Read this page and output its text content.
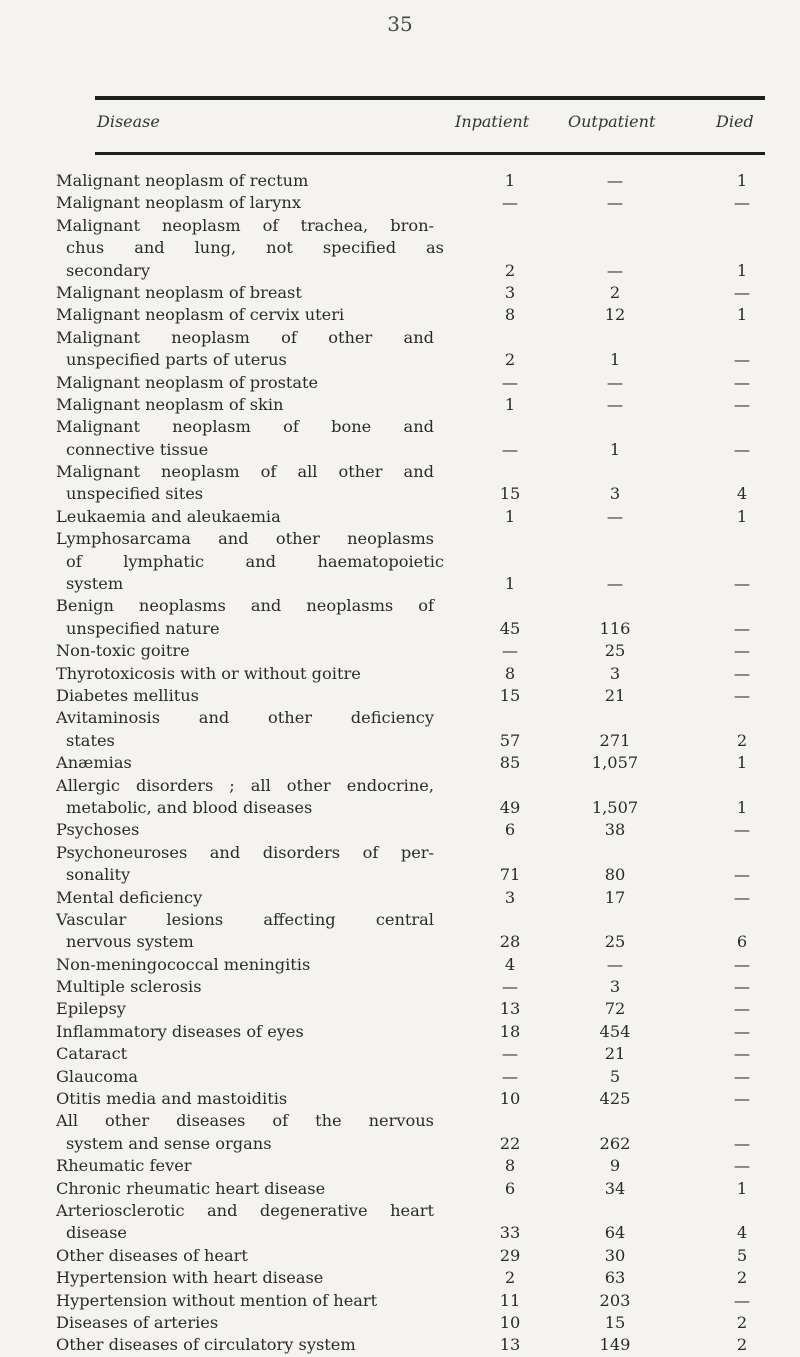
35
Disease	Inpatient Outpatient	Died
Malignant neoplasm of rectum	1	—	1
Malignant neoplasm of larynx	—	—	—
Malignant neoplasm of trachea, bron-
chus and lung, not specified as
secondary	2	—	1
Malignant neoplasm of breast	3	2	—
Malignant neoplasm of cervix uteri	8	12	1
Malignant neoplasm of other and
unspecified parts of uterus	2	1	—
Malignant neoplasm of prostate	—	—	—
Malignant neoplasm of skin	1	—	—
Malignant neoplasm of bone and
connective tissue	—	1	—
Malignant neoplasm of all other and
unspecified sites	15	3	4
Leukaemia and aleukaemia	1	—	1
Lymphosarcama and other neoplasms
of lymphatic and haematopoietic
system	1	—	—
Benign neoplasms and neoplasms of
unspecified nature	45	116	—
Non-toxic goitre	—	25	—
Thyrotoxicosis with or without goitre	8	3	—
Diabetes mellitus	15	21	—
Avitaminosis and other deficiency
states	57	271	2
Anæmias	85	1,057	1
Allergic disorders ; all other endocrine,
metabolic, and blood diseases	49	1,507	1
Psychoses	6	38	—
Psychoneuroses and disorders of per-
sonality	71	80	—
Mental deficiency	3	17	—
Vascular lesions affecting central
nervous system	28	25	6
Non-meningococcal meningitis	4	—	—
Multiple sclerosis	—	3	—
Epilepsy	13	72	—
Inflammatory diseases of eyes	18	454	—
Cataract	—	21	—
Glaucoma	—	5	—
Otitis media and mastoiditis	10	425	—
All other diseases of the nervous
system and sense organs	22	262	—
Rheumatic fever	8	9	—
Chronic rheumatic heart disease	6	34	1
Arteriosclerotic and degenerative heart
disease	33	64	4
Other diseases of heart	29	30	5
Hypertension with heart disease	2	63	2
Hypertension without mention of heart	11	203	—
Diseases of arteries	10	15	2
Other diseases of circulatory system	13	149	2
